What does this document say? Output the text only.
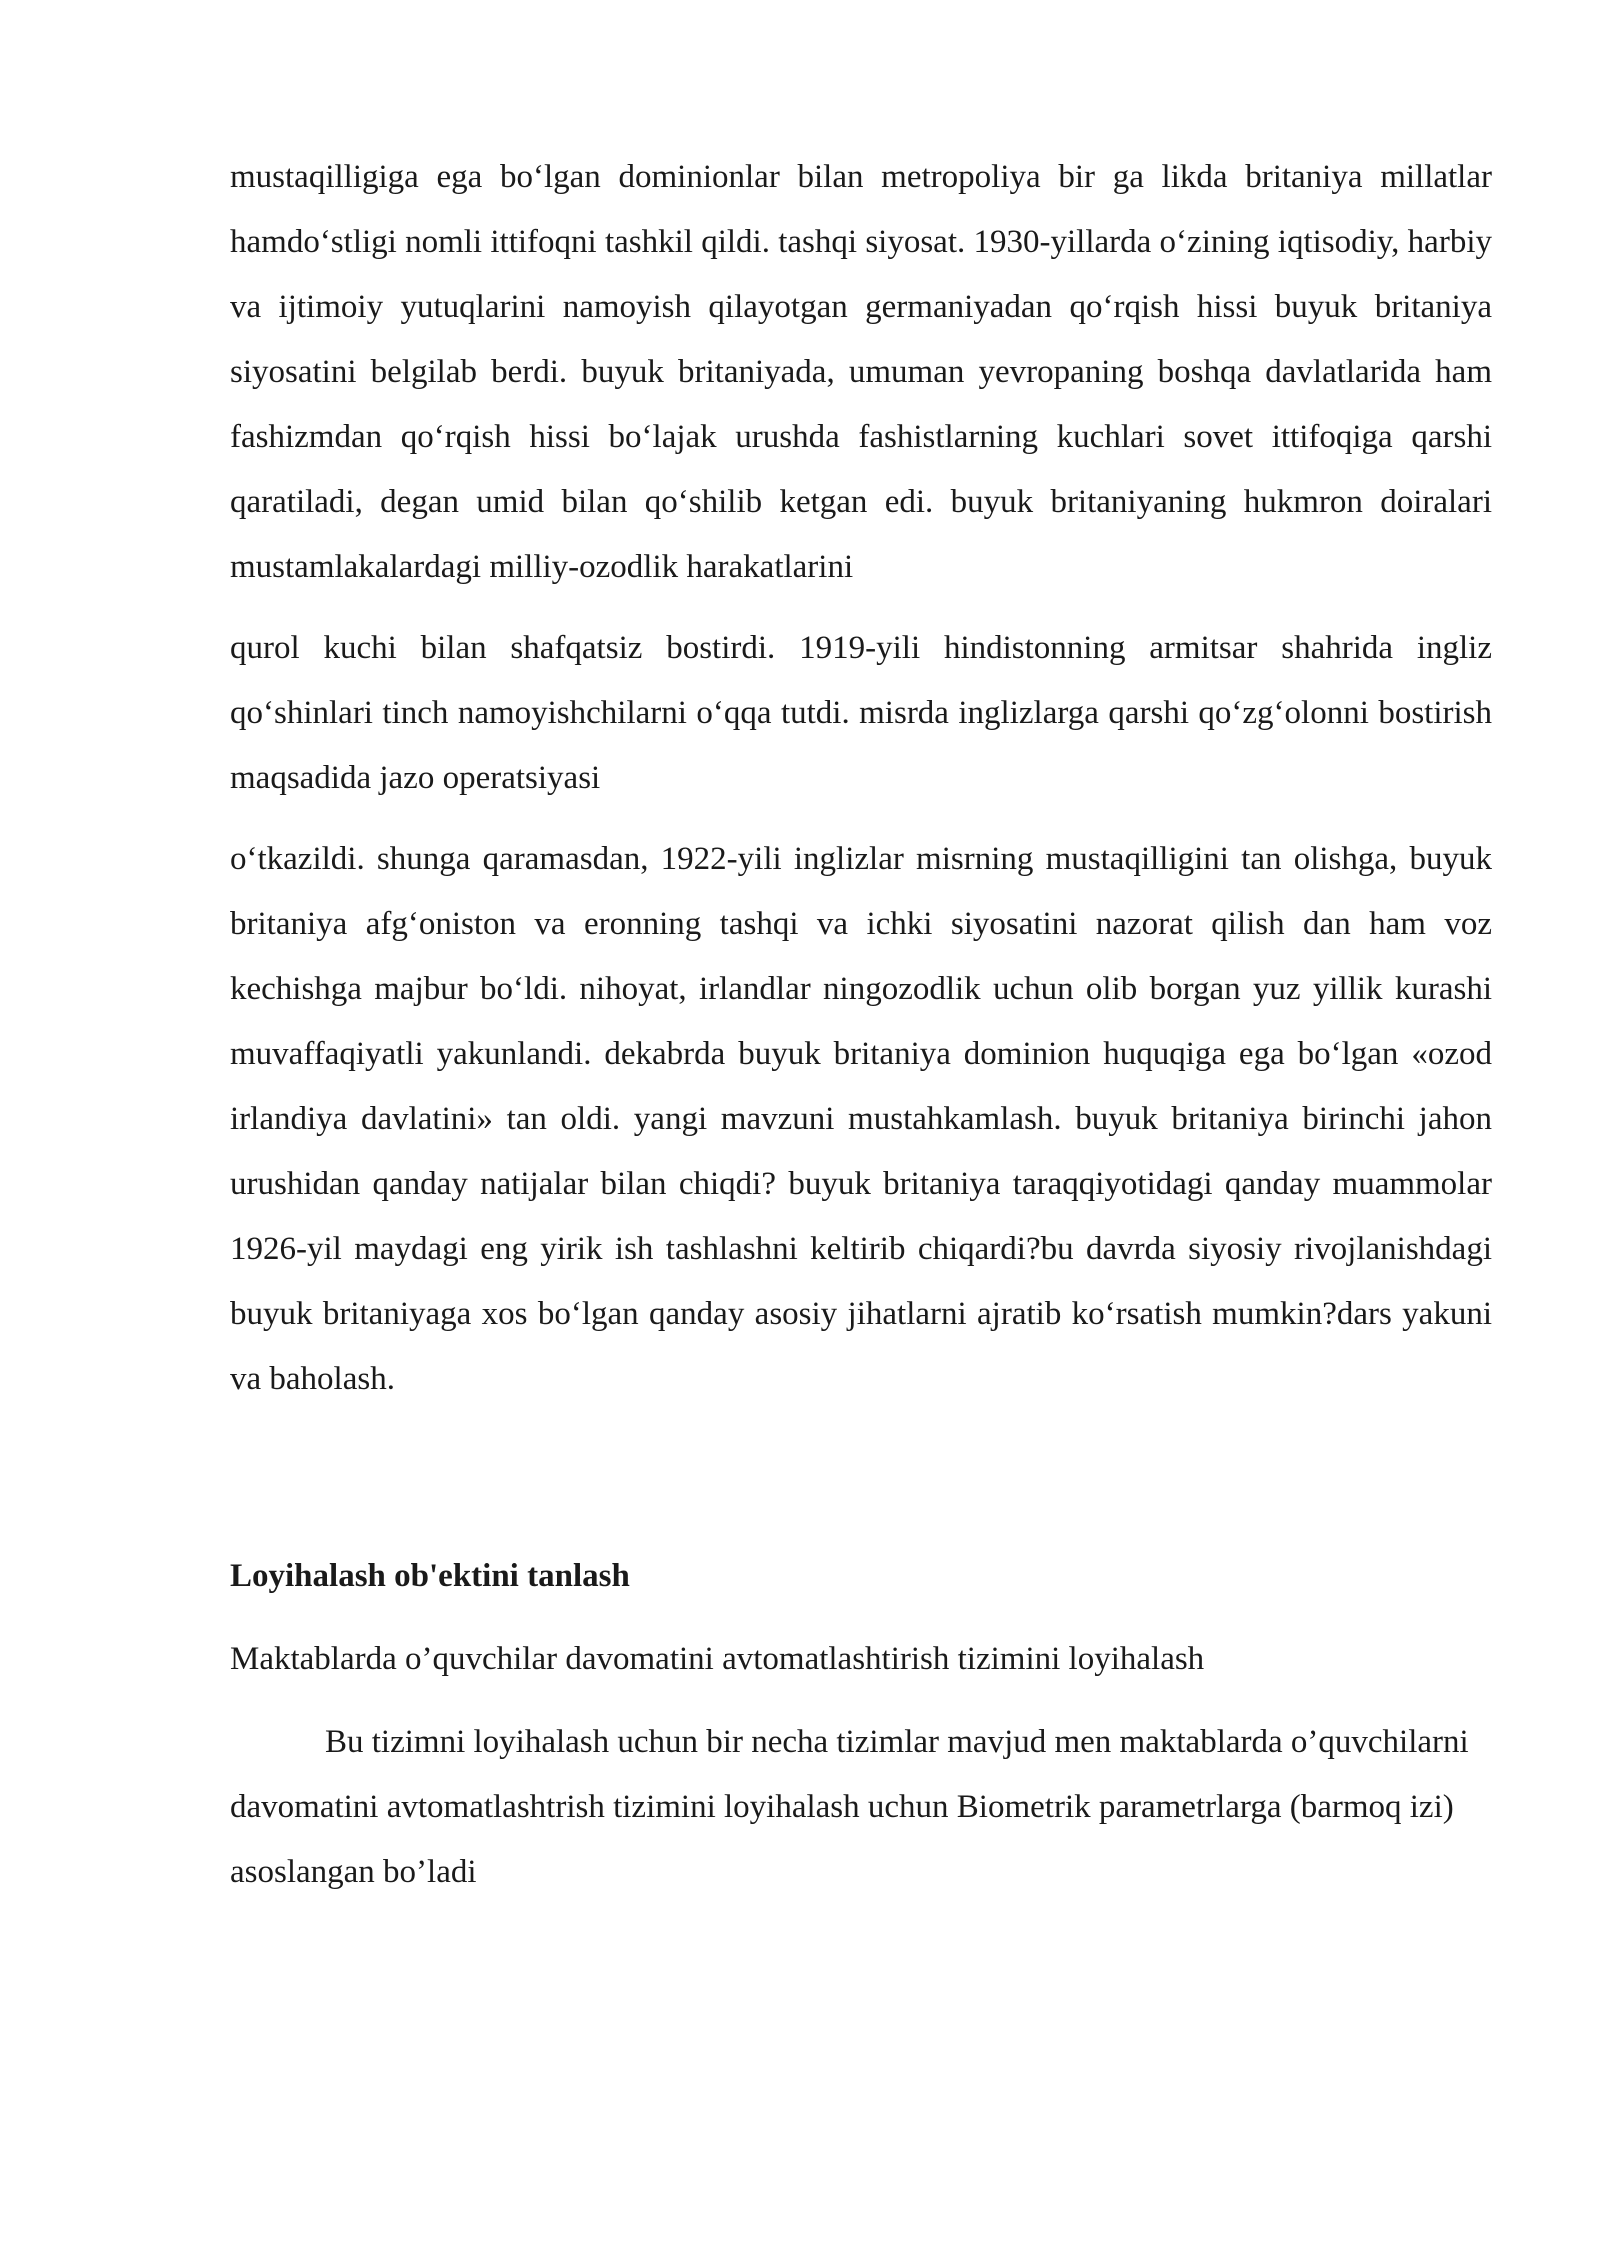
mustaqilligiga ega bo‘lgan dominionlar bilan metropoliya bir ga likda britaniya millatlar hamdo‘stligi nomli ittifoqni tashkil qildi. tashqi siyosat. 1930-yillarda o‘zining iqtisodiy, harbiy va ijtimoiy yutuqlarini namoyish qilayotgan germaniyadan qo‘rqish hissi buyuk britaniya siyosatini belgilab berdi. buyuk britaniyada, umuman yevropaning boshqa davlatlarida ham fashizmdan qo‘rqish hissi bo‘lajak urushda fashistlarning kuchlari sovet ittifoqiga qarshi qaratiladi, degan umid bilan qo‘shilib ketgan edi. buyuk britaniyaning hukmron doiralari mustamlakalardagi milliy-ozodlik harakatlarini

qurol kuchi bilan shafqatsiz bostirdi. 1919-yili hindistonning armitsar shahrida ingliz qo‘shinlari tinch namoyishchilarni o‘qqa tutdi. misrda inglizlarga qarshi qo‘zg‘olonni bostirish maqsadida jazo operatsiyasi

o‘tkazildi. shunga qaramasdan, 1922-yili inglizlar misrning mustaqilligini tan olishga, buyuk britaniya afg‘oniston va eronning tashqi va ichki siyosatini nazorat qilish dan ham voz kechishga majbur bo‘ldi. nihoyat, irlandlar ningozodlik uchun olib borgan yuz yillik kurashi muvaffaqiyatli yakunlandi. dekabrda buyuk britaniya dominion huquqiga ega bo‘lgan «ozod irlandiya davlatini» tan oldi. yangi mavzuni mustahkamlash. buyuk britaniya birinchi jahon urushidan qanday natijalar bilan chiqdi? buyuk britaniya taraqqiyotidagi qanday muammolar 1926-yil maydagi eng yirik ish tashlashni keltirib chiqardi?bu davrda siyosiy rivojlanishdagi buyuk britaniyaga xos bo‘lgan qanday asosiy jihatlarni ajratib ko‘rsatish mumkin?dars yakuni va baholash.

Loyihalash ob'ektini tanlash

Maktablarda o’quvchilar davomatini avtomatlashtirish tizimini loyihalash

Bu tizimni loyihalash uchun bir necha tizimlar mavjud men maktablarda o’quvchilarni davomatini avtomatlashtrish tizimini loyihalash uchun Biometrik parametrlarga (barmoq izi) asoslangan bo’ladi
